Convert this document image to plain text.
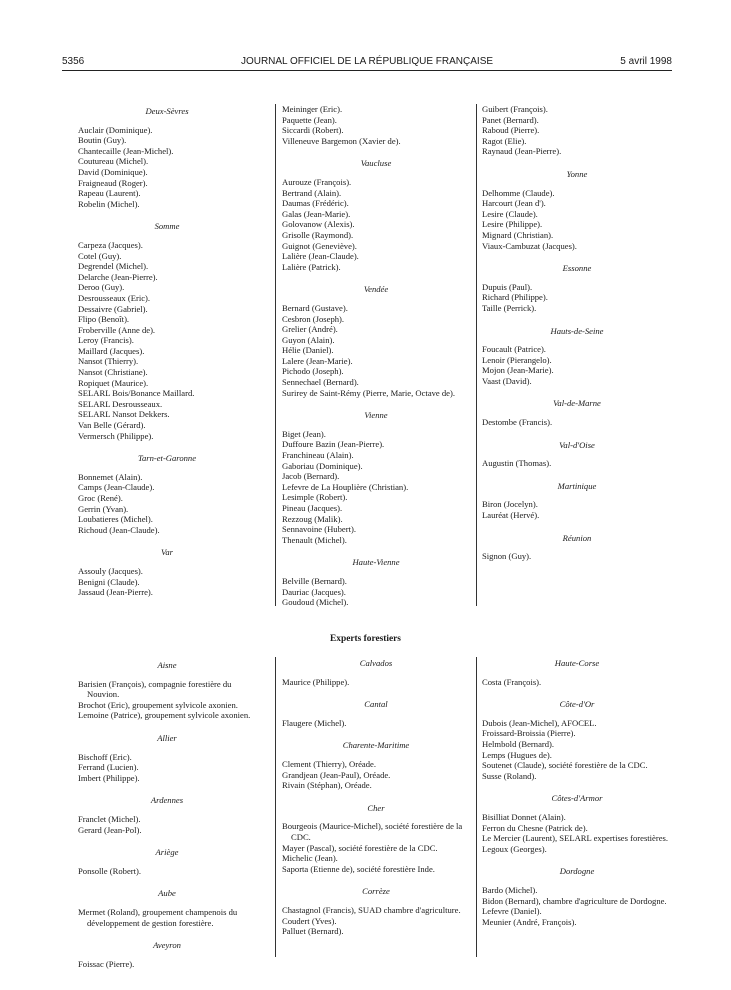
5356	JOURNAL OFFICIEL DE LA RÉPUBLIQUE FRANÇAISE	5 avril 1998
Deux-Sèvres
Auclair (Dominique).
Boutin (Guy).
Chantecaille (Jean-Michel).
Coutureau (Michel).
David (Dominique).
Fraigneaud (Roger).
Rapeau (Laurent).
Robelin (Michel).
Somme
Carpeza (Jacques).
Cotel (Guy).
Degrendel (Michel).
Delarche (Jean-Pierre).
Deroo (Guy).
Desrousseaux (Eric).
Dessaivre (Gabriel).
Flipo (Benoît).
Froberville (Anne de).
Leroy (Francis).
Maillard (Jacques).
Nansot (Thierry).
Nansot (Christiane).
Ropiquet (Maurice).
SELARL Bois/Bonance Maillard.
SELARL Desrousseaux.
SELARL Nansot Dekkers.
Van Belle (Gérard).
Vermersch (Philippe).
Tarn-et-Garonne
Bonnemet (Alain).
Camps (Jean-Claude).
Groc (René).
Gerrin (Yvan).
Loubatieres (Michel).
Richoud (Jean-Claude).
Var
Assouly (Jacques).
Benigni (Claude).
Jassaud (Jean-Pierre).
Meininger (Eric).
Paquette (Jean).
Siccardi (Robert).
Villeneuve Bargemon (Xavier de).
Vaucluse
Aurouze (François).
Bertrand (Alain).
Daumas (Frédéric).
Galas (Jean-Marie).
Golovanow (Alexis).
Grisolle (Raymond).
Guignot (Geneviève).
Lalière (Jean-Claude).
Lalière (Patrick).
Vendée
Bernard (Gustave).
Cesbron (Joseph).
Grelier (André).
Guyon (Alain).
Hélie (Daniel).
Lalere (Jean-Marie).
Pichodo (Joseph).
Sennechael (Bernard).
Surirey de Saint-Rémy (Pierre, Marie, Octave de).
Vienne
Biget (Jean).
Duffoure Bazin (Jean-Pierre).
Franchineau (Alain).
Gaboriau (Dominique).
Jacob (Bernard).
Lefevre de La Houplière (Christian).
Lesimple (Robert).
Pineau (Jacques).
Rezzoug (Malik).
Sennavoine (Hubert).
Thenault (Michel).
Haute-Vienne
Belville (Bernard).
Dauriac (Jacques).
Goudoud (Michel).
Guibert (François).
Panet (Bernard).
Raboud (Pierre).
Ragot (Elie).
Raynaud (Jean-Pierre).
Yonne
Delhomme (Claude).
Harcourt (Jean d').
Lesire (Claude).
Lesire (Philippe).
Mignard (Christian).
Viaux-Cambuzat (Jacques).
Essonne
Dupuis (Paul).
Richard (Philippe).
Taille (Perrick).
Hauts-de-Seine
Foucault (Patrice).
Lenoir (Pierangelo).
Mojon (Jean-Marie).
Vaast (David).
Val-de-Marne
Destombe (Francis).
Val-d'Oise
Augustin (Thomas).
Martinique
Biron (Jocelyn).
Lauréat (Hervé).
Réunion
Signon (Guy).
Experts forestiers
Aisne
Barisien (François), compagnie forestière du Nouvion.
Brochot (Eric), groupement sylvicole axonien.
Lemoine (Patrice), groupement sylvicole axonien.
Allier
Bischoff (Eric).
Ferrand (Lucien).
Imbert (Philippe).
Ardennes
Franclet (Michel).
Gerard (Jean-Pol).
Ariège
Ponsolle (Robert).
Aube
Mermet (Roland), groupement champenois du développement de gestion forestière.
Aveyron
Foissac (Pierre).
Calvados
Maurice (Philippe).
Cantal
Flaugere (Michel).
Charente-Maritime
Clement (Thierry), Oréade.
Grandjean (Jean-Paul), Oréade.
Rivain (Stéphan), Oréade.
Cher
Bourgeois (Maurice-Michel), société forestière de la CDC.
Mayer (Pascal), société forestière de la CDC.
Michelic (Jean).
Saporta (Etienne de), société forestière Inde.
Corrèze
Chastagnol (Francis), SUAD chambre d'agriculture.
Coudert (Yves).
Palluet (Bernard).
Haute-Corse
Costa (François).
Côte-d'Or
Dubois (Jean-Michel), AFOCEL.
Froissard-Broissia (Pierre).
Helmbold (Bernard).
Lemps (Hugues de).
Soutenet (Claude), société forestière de la CDC.
Susse (Roland).
Côtes-d'Armor
Bisilliat Donnet (Alain).
Ferron du Chesne (Patrick de).
Le Mercier (Laurent), SELARL expertises forestières.
Legoux (Georges).
Dordogne
Bardo (Michel).
Bidon (Bernard), chambre d'agriculture de Dordogne.
Lefevre (Daniel).
Meunier (André, François).
